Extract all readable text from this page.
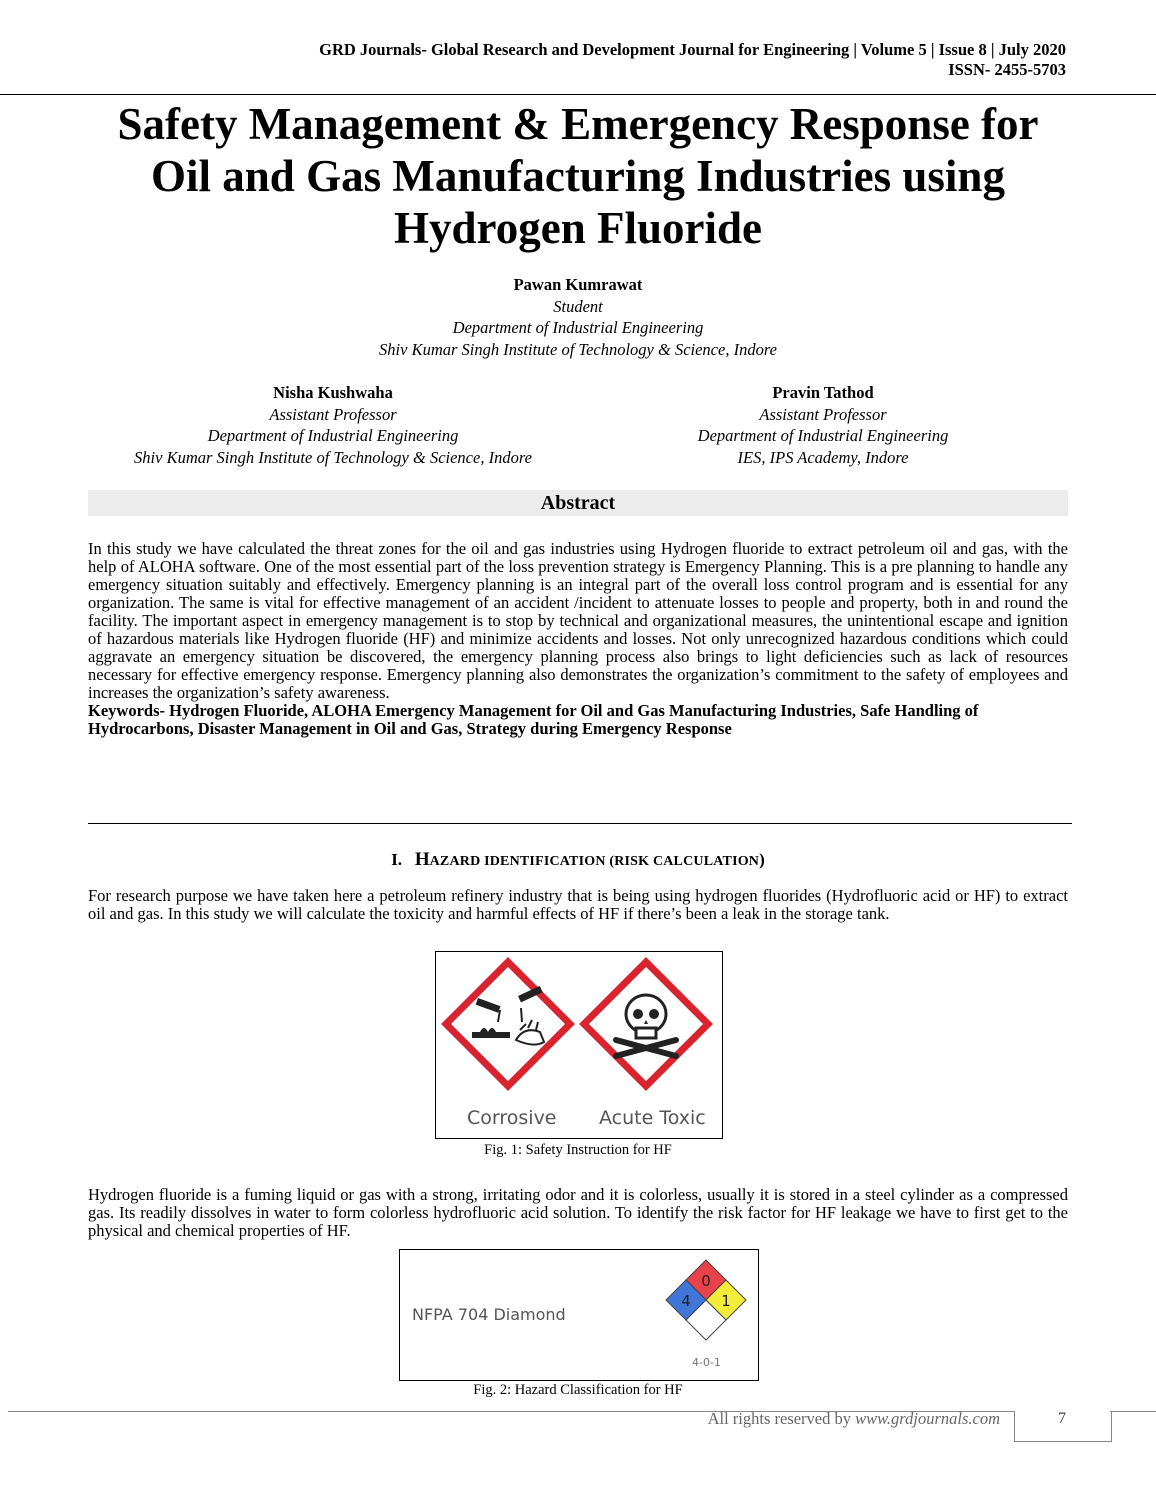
GRD Journals- Global Research and Development Journal for Engineering | Volume 5 | Issue 8 | July 2020
ISSN- 2455-5703
Safety Management & Emergency Response for
Oil and Gas Manufacturing Industries using
Hydrogen Fluoride
Pawan Kumrawat
Student
Department of Industrial Engineering
Shiv Kumar Singh Institute of Technology & Science, Indore
Nisha Kushwaha
Assistant Professor
Department of Industrial Engineering
Shiv Kumar Singh Institute of Technology & Science, Indore
Pravin Tathod
Assistant Professor
Department of Industrial Engineering
IES, IPS Academy, Indore
Abstract
In this study we have calculated the threat zones for the oil and gas industries using Hydrogen fluoride to extract petroleum oil and gas, with the help of ALOHA software. One of the most essential part of the loss prevention strategy is Emergency Planning. This is a pre planning to handle any emergency situation suitably and effectively. Emergency planning is an integral part of the overall loss control program and is essential for any organization. The same is vital for effective management of an accident /incident to attenuate losses to people and property, both in and round the facility. The important aspect in emergency management is to stop by technical and organizational measures, the unintentional escape and ignition of hazardous materials like Hydrogen fluoride (HF) and minimize accidents and losses. Not only unrecognized hazardous conditions which could aggravate an emergency situation be discovered, the emergency planning process also brings to light deficiencies such as lack of resources necessary for effective emergency response. Emergency planning also demonstrates the organization’s commitment to the safety of employees and increases the organization’s safety awareness.
Keywords- Hydrogen Fluoride, ALOHA Emergency Management for Oil and Gas Manufacturing Industries, Safe Handling of Hydrocarbons, Disaster Management in Oil and Gas, Strategy during Emergency Response
I. HAZARD IDENTIFICATION (RISK CALCULATION)
For research purpose we have taken here a petroleum refinery industry that is being using hydrogen fluorides (Hydrofluoric acid or HF) to extract oil and gas. In this study we will calculate the toxicity and harmful effects of HF if there’s been a leak in the storage tank.
Corrosive Acute Toxic
Fig. 1: Safety Instruction for HF
Hydrogen fluoride is a fuming liquid or gas with a strong, irritating odor and it is colorless, usually it is stored in a steel cylinder as a compressed gas. Its readily dissolves in water to form colorless hydrofluoric acid solution. To identify the risk factor for HF leakage we have to first get to the physical and chemical properties of HF.
NFPA 704 Diamond
0
4 1
4-0-1
Fig. 2: Hazard Classification for HF
All rights reserved by www.grdjournals.com	7
